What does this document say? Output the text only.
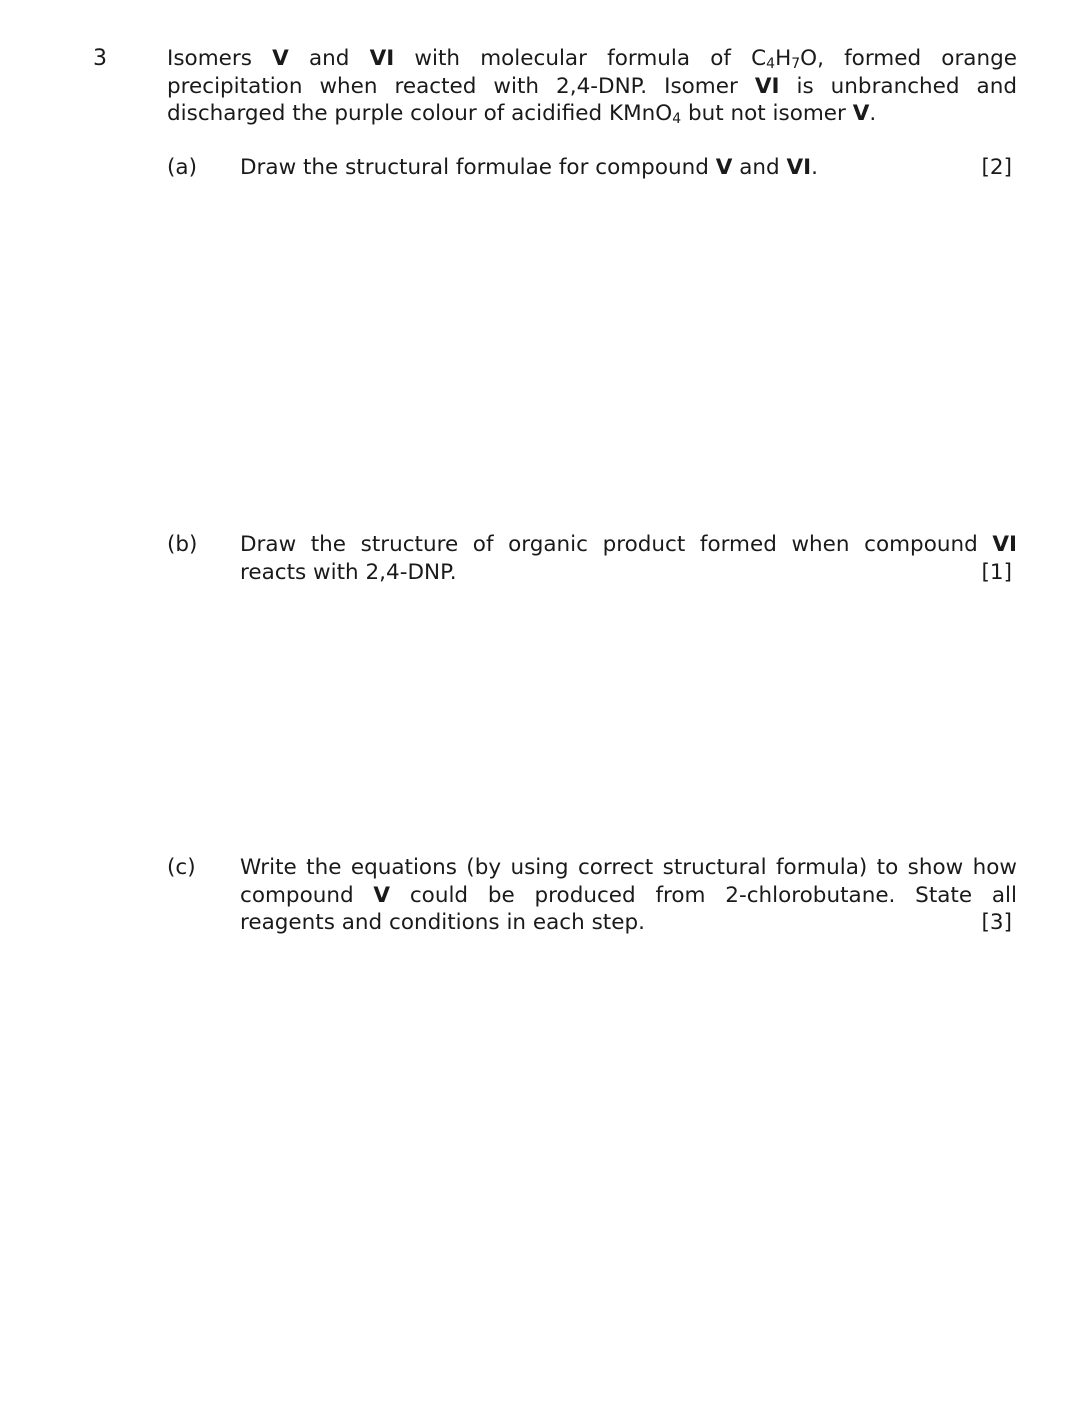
3	Isomers V and VI with molecular formula of $C_4H_7O$, formed orange
precipitation when reacted with 2,4-DNP. Isomer VI is unbranched and
discharged the purple colour of acidified KMnO$_4$ but not isomer V.
(a) Draw the structural formulae for compound V and VI.	[2]
(b) Draw the structure of organic product formed when compound VI
reacts with 2,4-DNP.	[1]
(c) Write the equations (by using correct structural formula) to show how
compound V could be produced from 2-chlorobutane. State all
reagents and conditions in each step.	[3]
